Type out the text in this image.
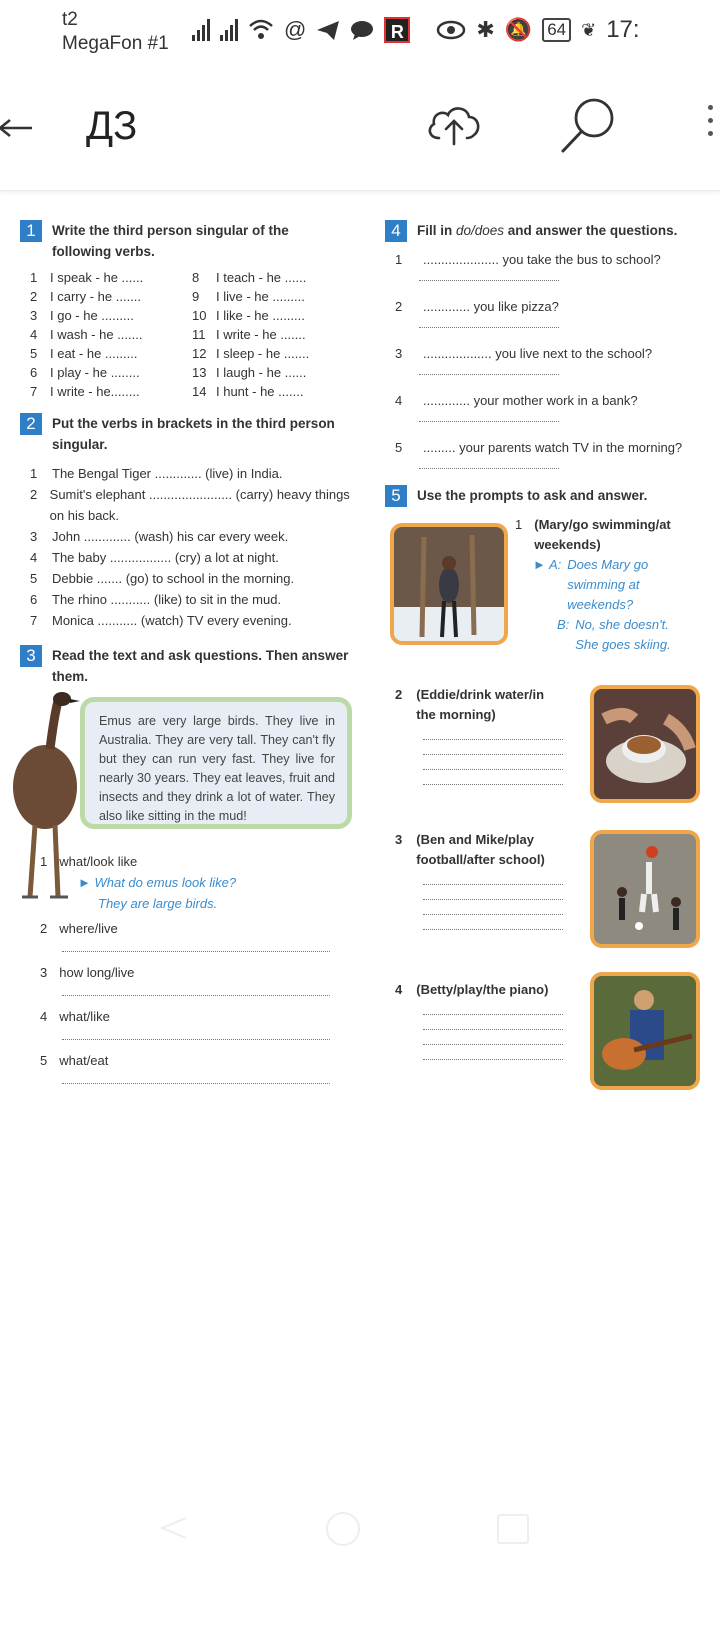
t2
MegaFon #1
@	R	✱ 🔕 64 ❦ 17:
ДЗ
1	Write the third person singular of the following verbs.
1 I speak - he ......	8	I teach - he ......
2 I carry - he .......	9	I live - he .........
3 I go - he .........	10 I like - he .........
4 I wash - he .......	11 I write - he .......
5 I eat - he .........	12 I sleep - he .......
6 I play - he ........	13 I laugh - he ......
7 I write - he........	14 I hunt - he .......
2	Put the verbs in brackets in the third person singular.
1	The Bengal Tiger ............. (live) in India.
2 Sumit's elephant ....................... (carry) heavy things on his back.
3	John ............. (wash) his car every week.
4	The baby ................. (cry) a lot at night.
5	Debbie ....... (go) to school in the morning.
6	The rhino ........... (like) to sit in the mud.
7	Monica ........... (watch) TV every evening.
3	Read the text and ask questions. Then answer them.
Emus are very large birds. They live in Australia. They are very tall. They can't fly but they can run very fast. They live for nearly 30 years. They eat leaves, fruit and insects and they drink a lot of water. They also like sitting in the mud!
1 what/look like
► What do emus look like?
They are large birds.
2 where/live
3 how long/live
4 what/like
5 what/eat
4	Fill in do/does and answer the questions.
1	..................... you take the bus to school?
2	............. you like pizza?
3	................... you live next to the school?
4	............. your mother work in a bank?
5	......... your parents watch TV in the morning?
5	Use the prompts to ask and answer.
1 (Mary/go swimming/at weekends)
► A: Does Mary go swimming at weekends?
B: No, she doesn't. She goes skiing.
2 (Eddie/drink water/in the morning)
3 (Ben and Mike/play football/after school)
4 (Betty/play/the piano)
